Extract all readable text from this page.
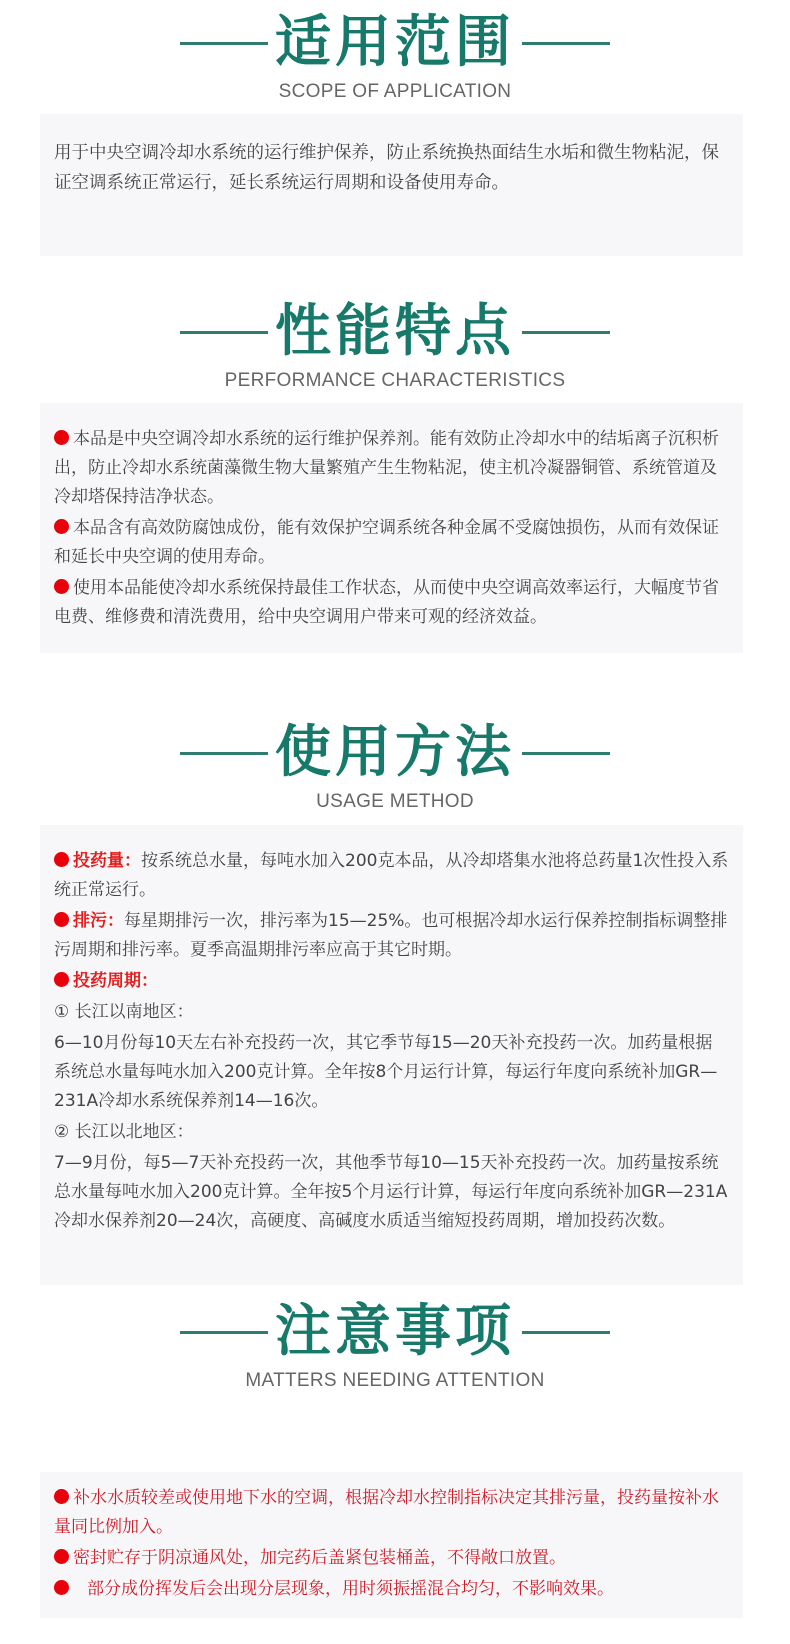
适用范围
SCOPE OF APPLICATION

用于中央空调冷却水系统的运行维护保养，防止系统换热面结生水垢和微生物粘泥，保证空调系统正常运行，延长系统运行周期和设备使用寿命。

性能特点
PERFORMANCE CHARACTERISTICS

本品是中央空调冷却水系统的运行维护保养剂。能有效防止冷却水中的结垢离子沉积析出，防止冷却水系统菌藻微生物大量繁殖产生生物粘泥，使主机冷凝器铜管、系统管道及冷却塔保持洁净状态。

本品含有高效防腐蚀成份，能有效保护空调系统各种金属不受腐蚀损伤，从而有效保证和延长中央空调的使用寿命。

使用本品能使冷却水系统保持最佳工作状态，从而使中央空调高效率运行，大幅度节省电费、维修费和清洗费用，给中央空调用户带来可观的经济效益。

使用方法
USAGE METHOD

投药量：按系统总水量，每吨水加入200克本品，从冷却塔集水池将总药量1次性投入系统正常运行。

排污：每星期排污一次，排污率为15—25%。也可根据冷却水运行保养控制指标调整排污周期和排污率。夏季高温期排污率应高于其它时期。

投药周期：

① 长江以南地区：

6—10月份每10天左右补充投药一次，其它季节每15—20天补充投药一次。加药量根据系统总水量每吨水加入200克计算。全年按8个月运行计算，每运行年度向系统补加GR—231A冷却水系统保养剂14—16次。

② 长江以北地区：

7—9月份，每5—7天补充投药一次，其他季节每10—15天补充投药一次。加药量按系统总水量每吨水加入200克计算。全年按5个月运行计算，每运行年度向系统补加GR—231A冷却水保养剂20—24次，高硬度、高碱度水质适当缩短投药周期，增加投药次数。

注意事项
MATTERS NEEDING ATTENTION

补水水质较差或使用地下水的空调，根据冷却水控制指标决定其排污量，投药量按补水量同比例加入。

密封贮存于阴凉通风处，加完药后盖紧包装桶盖，不得敞口放置。

部分成份挥发后会出现分层现象，用时须振摇混合均匀，不影响效果。
